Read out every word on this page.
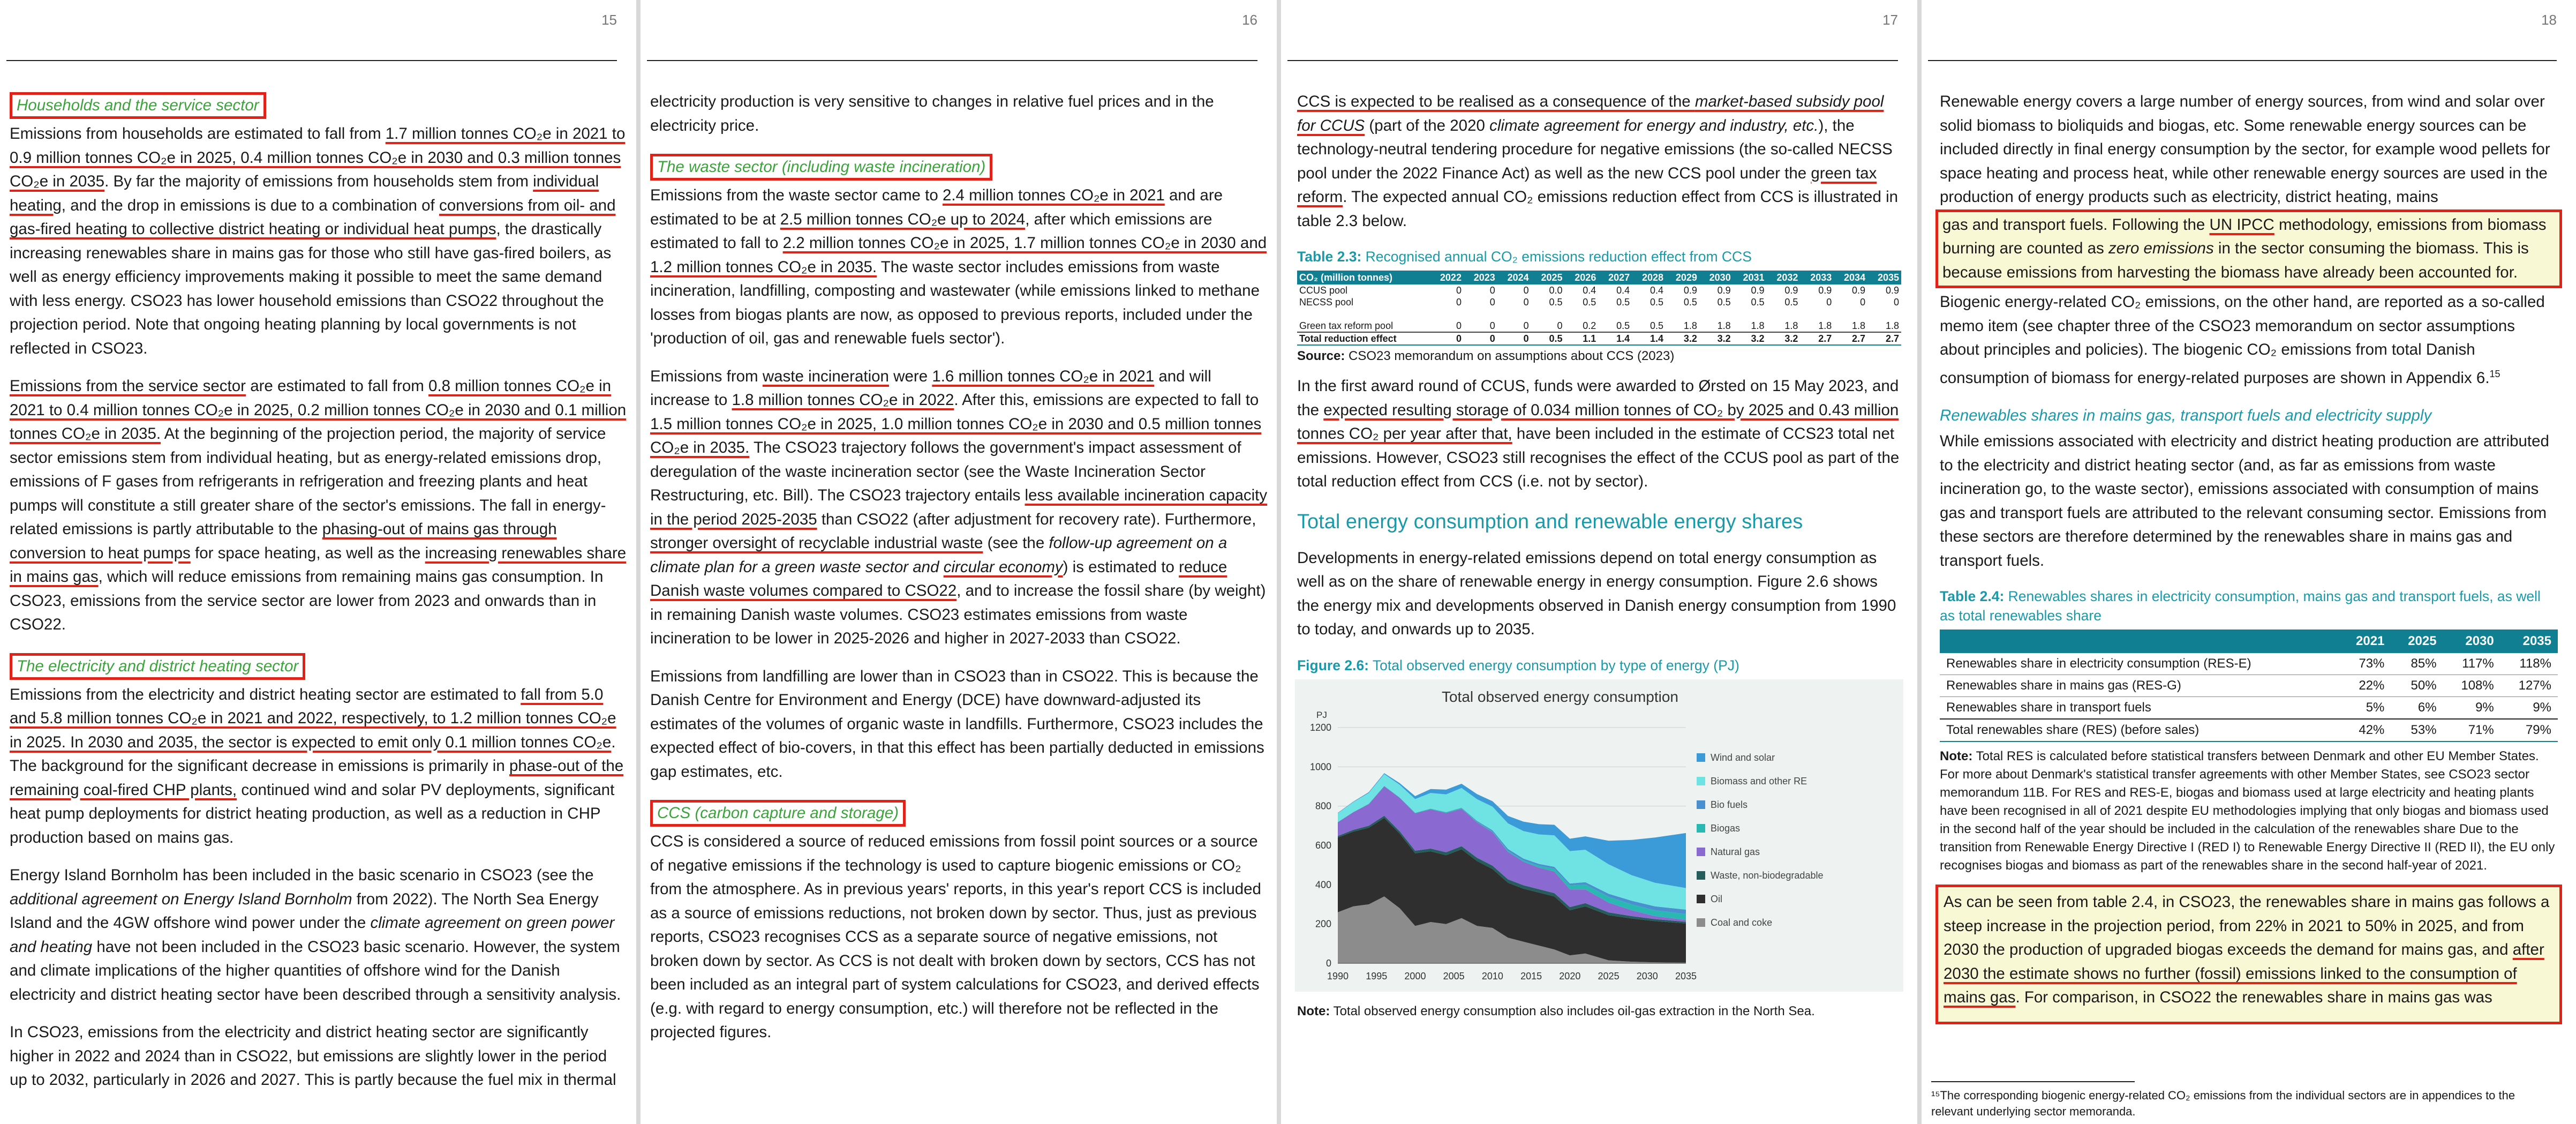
15
Households and the service sector

Emissions from households are estimated to fall from 1.7 million tonnes CO₂e in 2021 to 0.9 million tonnes CO₂e in 2025, 0.4 million tonnes CO₂e in 2030 and 0.3 million tonnes CO₂e in 2035. By far the majority of emissions from households stem from individual heating, and the drop in emissions is due to a combination of conversions from oil- and gas-fired heating to collective district heating or individual heat pumps, the drastically increasing renewables share in mains gas for those who still have gas-fired boilers, as well as energy efficiency improvements making it possible to meet the same demand with less energy. CSO23 has lower household emissions than CSO22 throughout the projection period. Note that ongoing heating planning by local governments is not reflected in CSO23.

Emissions from the service sector are estimated to fall from 0.8 million tonnes CO₂e in 2021 to 0.4 million tonnes CO₂e in 2025, 0.2 million tonnes CO₂e in 2030 and 0.1 million tonnes CO₂e in 2035. At the beginning of the projection period, the majority of service sector emissions stem from individual heating, but as energy-related emissions drop, emissions of F gases from refrigerants in refrigeration and freezing plants and heat pumps will constitute a still greater share of the sector's emissions. The fall in energy-related emissions is partly attributable to the phasing-out of mains gas through conversion to heat pumps for space heating, as well as the increasing renewables share in mains gas, which will reduce emissions from remaining mains gas consumption. In CSO23, emissions from the service sector are lower from 2023 and onwards than in CSO22.

The electricity and district heating sector

Emissions from the electricity and district heating sector are estimated to fall from 5.0 and 5.8 million tonnes CO₂e in 2021 and 2022, respectively, to 1.2 million tonnes CO₂e in 2025. In 2030 and 2035, the sector is expected to emit only 0.1 million tonnes CO₂e. The background for the significant decrease in emissions is primarily in phase-out of the remaining coal-fired CHP plants, continued wind and solar PV deployments, significant heat pump deployments for district heating production, as well as a reduction in CHP production based on mains gas.

Energy Island Bornholm has been included in the basic scenario in CSO23 (see the additional agreement on Energy Island Bornholm from 2022). The North Sea Energy Island and the 4GW offshore wind power under the climate agreement on green power and heating have not been included in the CSO23 basic scenario. However, the system and climate implications of the higher quantities of offshore wind for the Danish electricity and district heating sector have been described through a sensitivity analysis.

In CSO23, emissions from the electricity and district heating sector are significantly higher in 2022 and 2024 than in CSO22, but emissions are slightly lower in the period up to 2032, particularly in 2026 and 2027. This is partly because the fuel mix in thermal

16

electricity production is very sensitive to changes in relative fuel prices and in the electricity price.

The waste sector (including waste incineration)

Emissions from the waste sector came to 2.4 million tonnes CO₂e in 2021 and are estimated to be at 2.5 million tonnes CO₂e up to 2024, after which emissions are estimated to fall to 2.2 million tonnes CO₂e in 2025, 1.7 million tonnes CO₂e in 2030 and 1.2 million tonnes CO₂e in 2035. The waste sector includes emissions from waste incineration, landfilling, composting and wastewater (while emissions linked to methane losses from biogas plants are now, as opposed to previous reports, included under the 'production of oil, gas and renewable fuels sector').

Emissions from waste incineration were 1.6 million tonnes CO₂e in 2021 and will increase to 1.8 million tonnes CO₂e in 2022. After this, emissions are expected to fall to 1.5 million tonnes CO₂e in 2025, 1.0 million tonnes CO₂e in 2030 and 0.5 million tonnes CO₂e in 2035. The CSO23 trajectory follows the government's impact assessment of deregulation of the waste incineration sector (see the Waste Incineration Sector Restructuring, etc. Bill). The CSO23 trajectory entails less available incineration capacity in the period 2025-2035 than CSO22 (after adjustment for recovery rate). Furthermore, stronger oversight of recyclable industrial waste (see the follow-up agreement on a climate plan for a green waste sector and circular economy) is estimated to reduce Danish waste volumes compared to CSO22, and to increase the fossil share (by weight) in remaining Danish waste volumes. CSO23 estimates emissions from waste incineration to be lower in 2025-2026 and higher in 2027-2033 than CSO22.

Emissions from landfilling are lower than in CSO23 than in CSO22. This is because the Danish Centre for Environment and Energy (DCE) have downward-adjusted its estimates of the volumes of organic waste in landfills. Furthermore, CSO23 includes the expected effect of bio-covers, in that this effect has been partially deducted in emissions gap estimates, etc.

CCS (carbon capture and storage)

CCS is considered a source of reduced emissions from fossil point sources or a source of negative emissions if the technology is used to capture biogenic emissions or CO₂ from the atmosphere. As in previous years' reports, in this year's report CCS is included as a source of emissions reductions, not broken down by sector. Thus, just as previous reports, CSO23 recognises CCS as a separate source of negative emissions, not broken down by sector. As CCS is not dealt with broken down by sectors, CCS has not been included as an integral part of system calculations for CSO23, and derived effects (e.g. with regard to energy consumption, etc.) will therefore not be reflected in the projected figures.

17

CCS is expected to be realised as a consequence of the market-based subsidy pool for CCUS (part of the 2020 climate agreement for energy and industry, etc.), the technology-neutral tendering procedure for negative emissions (the so-called NECSS pool under the 2022 Finance Act) as well as the new CCS pool under the green tax reform. The expected annual CO₂ emissions reduction effect from CCS is illustrated in table 2.3 below.

Table 2.3: Recognised annual CO₂ emissions reduction effect from CCS
CO₂ (million tonnes)	2022	2023	2024	2025	2026	2027	2028	2029	2030	2031	2032	2033	2034	2035
CCUS pool	0	0	0	0.0	0.4	0.4	0.4	0.9	0.9	0.9	0.9	0.9	0.9	0.9
NECSS pool	0	0	0	0.5	0.5	0.5	0.5	0.5	0.5	0.5	0.5	0	0	0

Green tax reform pool	0	0	0	0	0.2	0.5	0.5	1.8	1.8	1.8	1.8	1.8	1.8	1.8
Total reduction effect	0	0	0	0.5	1.1	1.4	1.4	3.2	3.2	3.2	3.2	2.7	2.7	2.7
Source: CSO23 memorandum on assumptions about CCS (2023)

In the first award round of CCUS, funds were awarded to Ørsted on 15 May 2023, and the expected resulting storage of 0.034 million tonnes of CO₂ by 2025 and 0.43 million tonnes CO₂ per year after that, have been included in the estimate of CCS23 total net emissions. However, CSO23 still recognises the effect of the CCUS pool as part of the total reduction effect from CCS (i.e. not by sector).

Total energy consumption and renewable energy shares

Developments in energy-related emissions depend on total energy consumption as well as on the share of renewable energy in energy consumption. Figure 2.6 shows the energy mix and developments observed in Danish energy consumption from 1990 to today, and onwards up to 2035.

Figure 2.6: Total observed energy consumption by type of energy (PJ)
Total observed energy consumption
PJ
0
200
400
600
800
1000
1200
1990 1995 2000 2005 2010 2015 2020 2025 2030 2035
Wind and solar
Biomass and other RE
Bio fuels
Biogas
Natural gas
Waste, non-biodegradable
Oil
Coal and coke
Note: Total observed energy consumption also includes oil-gas extraction in the North Sea.
18

Renewable energy covers a large number of energy sources, from wind and solar over solid biomass to bioliquids and biogas, etc. Some renewable energy sources can be included directly in final energy consumption by the sector, for example wood pellets for space heating and process heat, while other renewable energy sources are used in the production of energy products such as electricity, district heating, mains

gas and transport fuels. Following the UN IPCC methodology, emissions from biomass burning are counted as zero emissions in the sector consuming the biomass. This is because emissions from harvesting the biomass have already been accounted for.

Biogenic energy-related CO₂ emissions, on the other hand, are reported as a so-called memo item (see chapter three of the CSO23 memorandum on sector assumptions about principles and policies). The biogenic CO₂ emissions from total Danish consumption of biomass for energy-related purposes are shown in Appendix 6.15

Renewables shares in mains gas, transport fuels and electricity supply

While emissions associated with electricity and district heating production are attributed to the electricity and district heating sector (and, as far as emissions from waste incineration go, to the waste sector), emissions associated with consumption of mains gas and transport fuels are attributed to the relevant consuming sector. Emissions from these sectors are therefore determined by the renewables share in mains gas and transport fuels.

Table 2.4: Renewables shares in electricity consumption, mains gas and transport fuels, as well as total renewables share
	2021	2025	2030	2035
Renewables share in electricity consumption (RES-E)	73%	85%	117%	118%
Renewables share in mains gas (RES-G)	22%	50%	108%	127%
Renewables share in transport fuels	5%	6%	9%	9%
Total renewables share (RES) (before sales)	42%	53%	71%	79%
Note: Total RES is calculated before statistical transfers between Denmark and other EU Member States. For more about Denmark's statistical transfer agreements with other Member States, see CSO23 sector memorandum 11B. For RES and RES-E, biogas and biomass used at large electricity and heating plants have been recognised in all of 2021 despite EU methodologies implying that only biogas and biomass used in the second half of the year should be included in the calculation of the renewables share Due to the transition from Renewable Energy Directive I (RED I) to Renewable Energy Directive II (RED II), the EU only recognises biogas and biomass as part of the renewables share in the second half-year of 2021.
As can be seen from table 2.4, in CSO23, the renewables share in mains gas follows a steep increase in the projection period, from 22% in 2021 to 50% in 2025, and from 2030 the production of upgraded biogas exceeds the demand for mains gas, and after 2030 the estimate shows no further (fossil) emissions linked to the consumption of mains gas. For comparison, in CSO22 the renewables share in mains gas was
¹⁵The corresponding biogenic energy-related CO₂ emissions from the individual sectors are in appendices to the relevant underlying sector memoranda.
